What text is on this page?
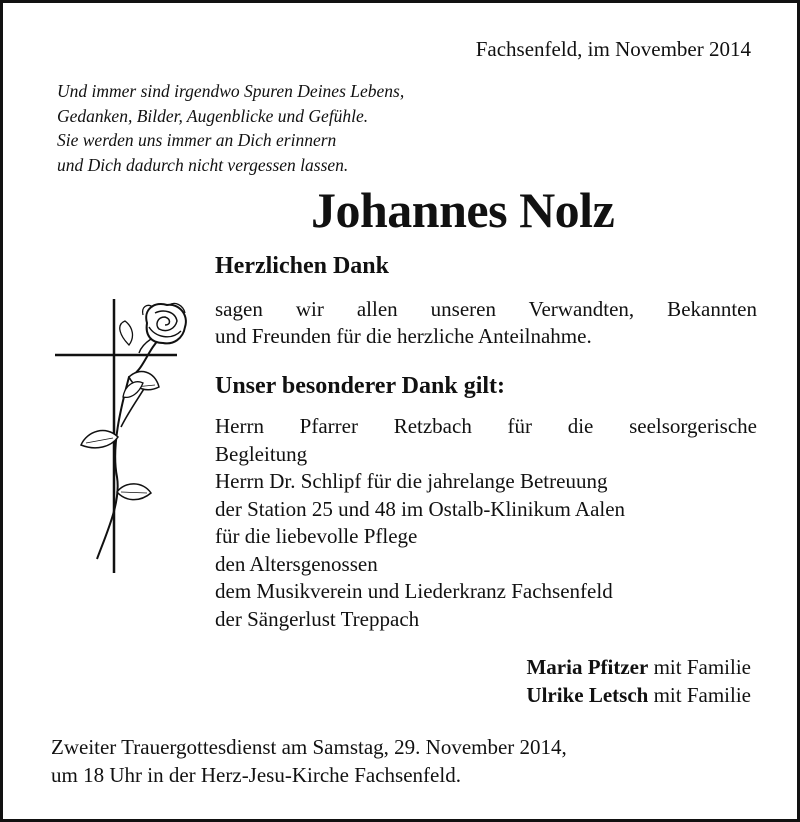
Fachsenfeld, im November 2014
Und immer sind irgendwo Spuren Deines Lebens,
Gedanken, Bilder, Augenblicke und Gefühle.
Sie werden uns immer an Dich erinnern
und Dich dadurch nicht vergessen lassen.
Johannes Nolz
Herzlichen Dank
sagen wir allen unseren Verwandten, Bekannten
und Freunden für die herzliche Anteilnahme.
Unser besonderer Dank gilt:
Herrn Pfarrer Retzbach für die seelsorgerische
Begleitung
Herrn Dr. Schlipf für die jahrelange Betreuung
der Station 25 und 48 im Ostalb-Klinikum Aalen
für die liebevolle Pflege
den Altersgenossen
dem Musikverein und Liederkranz Fachsenfeld
der Sängerlust Treppach
Maria Pfitzer mit Familie
Ulrike Letsch mit Familie
Zweiter Trauergottesdienst am Samstag, 29. November 2014,
um 18 Uhr in der Herz-Jesu-Kirche Fachsenfeld.
